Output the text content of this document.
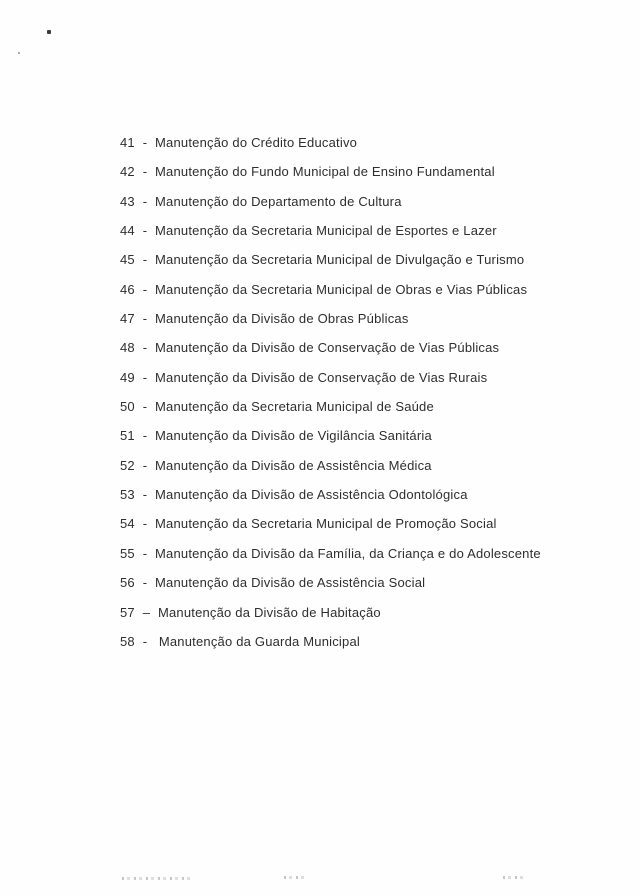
41 - Manutenção do Crédito Educativo
42 - Manutenção do Fundo Municipal de Ensino Fundamental
43 - Manutenção do Departamento de Cultura
44 - Manutenção da Secretaria Municipal de Esportes e Lazer
45 - Manutenção da Secretaria Municipal de Divulgação e Turismo
46 - Manutenção da Secretaria Municipal de Obras e Vias Públicas
47 - Manutenção da Divisão de Obras Públicas
48 - Manutenção da Divisão de Conservação de Vias Públicas
49 - Manutenção da Divisão de Conservação de Vias Rurais
50 - Manutenção da Secretaria Municipal de Saúde
51 - Manutenção da Divisão de Vigilância Sanitária
52 - Manutenção da Divisão de Assistência Médica
53 - Manutenção da Divisão de Assistência Odontológica
54 - Manutenção da Secretaria Municipal de Promoção Social
55 - Manutenção da Divisão da Família, da Criança e do Adolescente
56 - Manutenção da Divisão de Assistência Social
57 – Manutenção da Divisão de Habitação
58 -  Manutenção da Guarda Municipal
